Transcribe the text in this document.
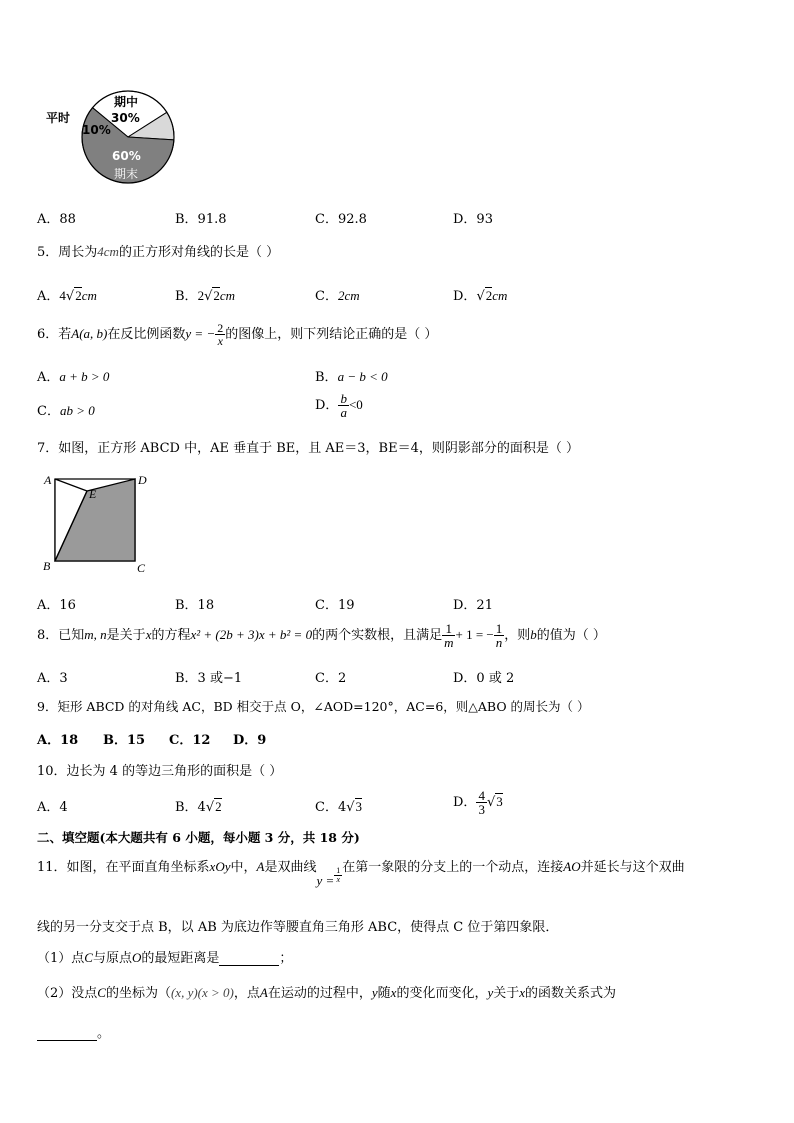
平时
期中
30%
10%
60%
期末
A．88	B．91.8	C．92.8	D．93
5．周长为4cm的正方形对角线的长是（ ）
A．4√2cm	B．2√2cm	C．2cm	D．√2cm
6．若A(a, b)在反比例函数y = − $\frac{2}{x}$ 的图像上，则下列结论正确的是（ ）
A．a + b > 0	B．a − b < 0
C．ab > 0	D． $\frac{b}{a} <0$
7．如图，正方形 ABCD 中，AE 垂直于 BE，且 AE＝3，BE＝4，则阴影部分的面积是（ ）
A	D
E
B	C
A．16	B．18	C．19	D．21
8．已知m, n是关于x的方程x² + (2b + 3)x + b² = 0的两个实数根，且满足 $\frac{1}{m} + 1$ = − $\frac{1}{n}$ ，则b的值为（ ）
A．3	B．3 或−1	C．2	D．0 或 2
9．矩形 ABCD 的对角线 AC，BD 相交于点 O，∠AOD=120°，AC=6，则△ABO 的周长为（ ）
A．18 B．15 C．12 D．9
10．边长为 4 的等边三角形的面积是（ ）
A．4	B．4√2	C．4√3	D． $\frac{4}{3} √3$
二、填空题(本大题共有 6 小题，每小题 3 分，共 18 分)
11．如图，在平面直角坐标系xOy中，A是双曲线$y = \frac{1}{x}$ 在第一象限的分支上的一个动点，连接AO并延长与这个双曲
线的另一分支交于点 B，以 AB 为底边作等腰直角三角形 ABC，使得点 C 位于第四象限．
（1）点C与原点O的最短距离是	；
（2）没点C的坐标为（(x, y)(x > 0)，点A在运动的过程中，y随x的变化而变化，y关于x的函数关系式为
。
